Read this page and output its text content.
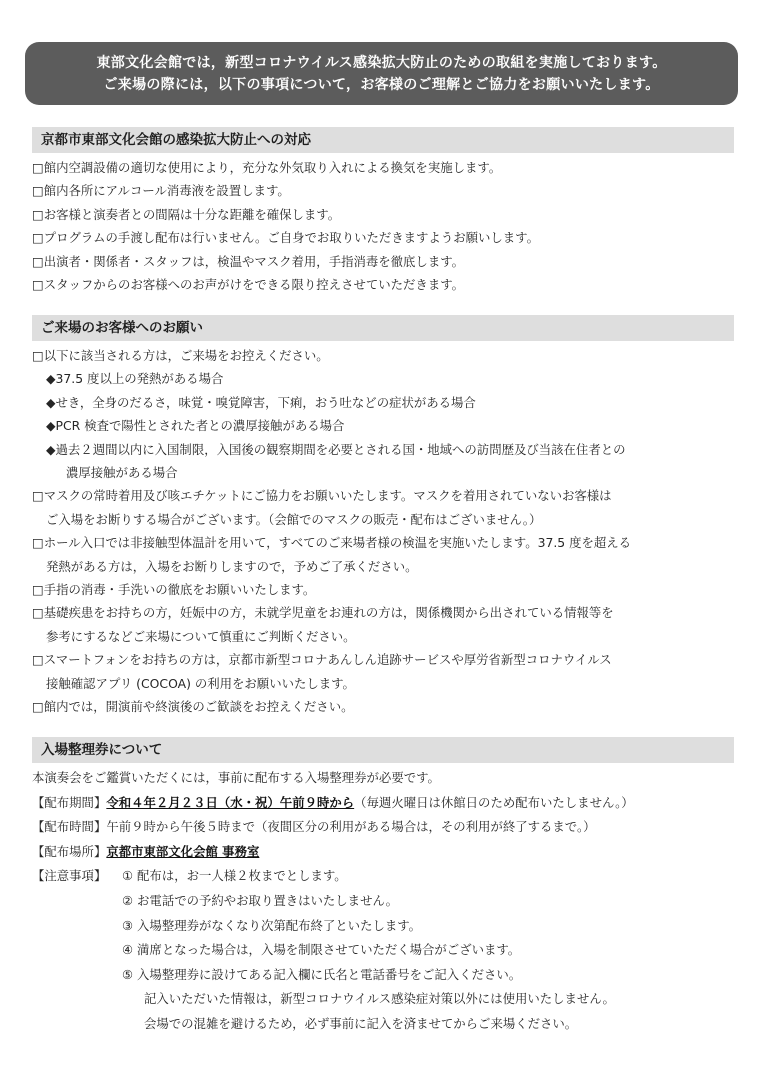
東部文化会館では，新型コロナウイルス感染拡大防止のための取組を実施しております。
ご来場の際には，以下の事項について，お客様のご理解とご協力をお願いいたします。
京都市東部文化会館の感染拡大防止への対応
□館内空調設備の適切な使用により，充分な外気取り入れによる換気を実施します。
□館内各所にアルコール消毒液を設置します。
□お客様と演奏者との間隔は十分な距離を確保します。
□プログラムの手渡し配布は行いません。ご自身でお取りいただきますようお願いします。
□出演者・関係者・スタッフは，検温やマスク着用，手指消毒を徹底します。
□スタッフからのお客様へのお声がけをできる限り控えさせていただきます。
ご来場のお客様へのお願い
□以下に該当される方は，ご来場をお控えください。
◆37.5 度以上の発熱がある場合
◆せき，全身のだるさ，味覚・嗅覚障害，下痢，おう吐などの症状がある場合
◆PCR 検査で陽性とされた者との濃厚接触がある場合
◆過去２週間以内に入国制限，入国後の観察期間を必要とされる国・地域への訪問歴及び当該在住者との
濃厚接触がある場合
□マスクの常時着用及び咳エチケットにご協力をお願いいたします。マスクを着用されていないお客様は
ご入場をお断りする場合がございます。（会館でのマスクの販売・配布はございません。）
□ホール入口では非接触型体温計を用いて，すべてのご来場者様の検温を実施いたします。37.5 度を超える
発熱がある方は，入場をお断りしますので，予めご了承ください。
□手指の消毒・手洗いの徹底をお願いいたします。
□基礎疾患をお持ちの方，妊娠中の方，未就学児童をお連れの方は，関係機関から出されている情報等を
参考にするなどご来場について慎重にご判断ください。
□スマートフォンをお持ちの方は，京都市新型コロナあんしん追跡サービスや厚労省新型コロナウイルス
接触確認アプリ (COCOA) の利用をお願いいたします。
□館内では，開演前や終演後のご歓談をお控えください。
入場整理券について
本演奏会をご鑑賞いただくには，事前に配布する入場整理券が必要です。
【配布期間】令和４年２月２３日（水・祝）午前９時から（毎週火曜日は休館日のため配布いたしません。）
【配布時間】午前９時から午後５時まで（夜間区分の利用がある場合は，その利用が終了するまで。）
【配布場所】京都市東部文化会館 事務室
【注意事項】	① 配布は，お一人様２枚までとします。
② お電話での予約やお取り置きはいたしません。
③ 入場整理券がなくなり次第配布終了といたします。
④ 満席となった場合は，入場を制限させていただく場合がございます。
⑤ 入場整理券に設けてある記入欄に氏名と電話番号をご記入ください。
記入いただいた情報は，新型コロナウイルス感染症対策以外には使用いたしません。
会場での混雑を避けるため，必ず事前に記入を済ませてからご来場ください。
